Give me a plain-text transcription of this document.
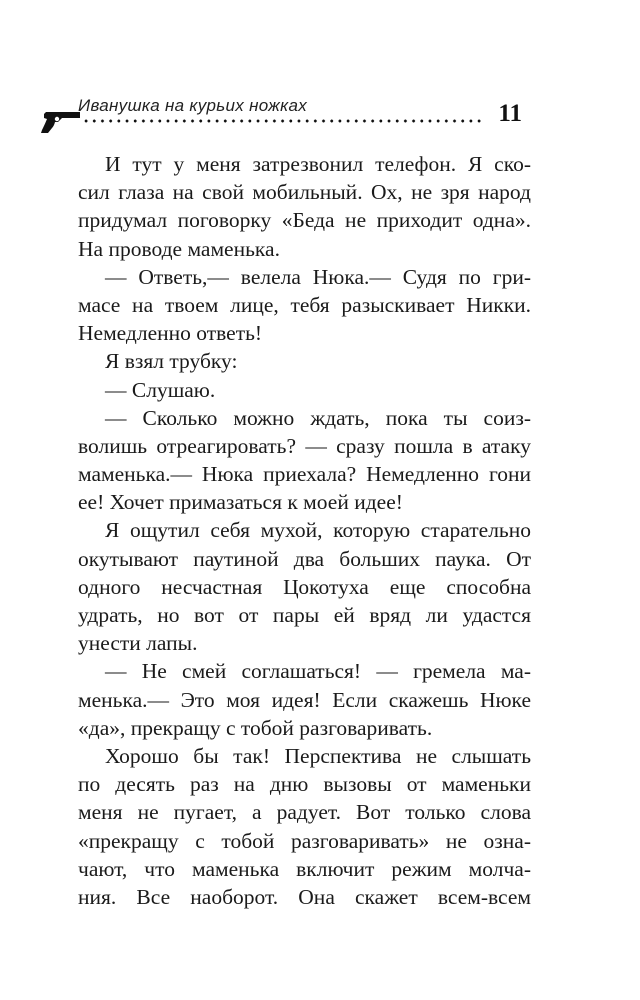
Иванушка на курьих ножках	11
И тут у меня затрезвонил телефон. Я ско-
сил глаза на свой мобильный. Ох, не зря народ
придумал поговорку «Беда не приходит одна».
На проводе маменька.
— Ответь,— велела Нюка.— Судя по гри-
масе на твоем лице, тебя разыскивает Никки.
Немедленно ответь!
Я взял трубку:
— Слушаю.
— Сколько можно ждать, пока ты соиз-
волишь отреагировать? — сразу пошла в атаку
маменька.— Нюка приехала? Немедленно гони
ее! Хочет примазаться к моей идее!
Я ощутил себя мухой, которую старательно
окутывают паутиной два больших паука. От
одного несчастная Цокотуха еще способна
удрать, но вот от пары ей вряд ли удастся
унести лапы.
— Не смей соглашаться! — гремела ма-
менька.— Это моя идея! Если скажешь Нюке
«да», прекращу с тобой разговаривать.
Хорошо бы так! Перспектива не слышать
по десять раз на дню вызовы от маменьки
меня не пугает, а радует. Вот только слова
«прекращу с тобой разговаривать» не озна-
чают, что маменька включит режим молча-
ния. Все наоборот. Она скажет всем-всем
